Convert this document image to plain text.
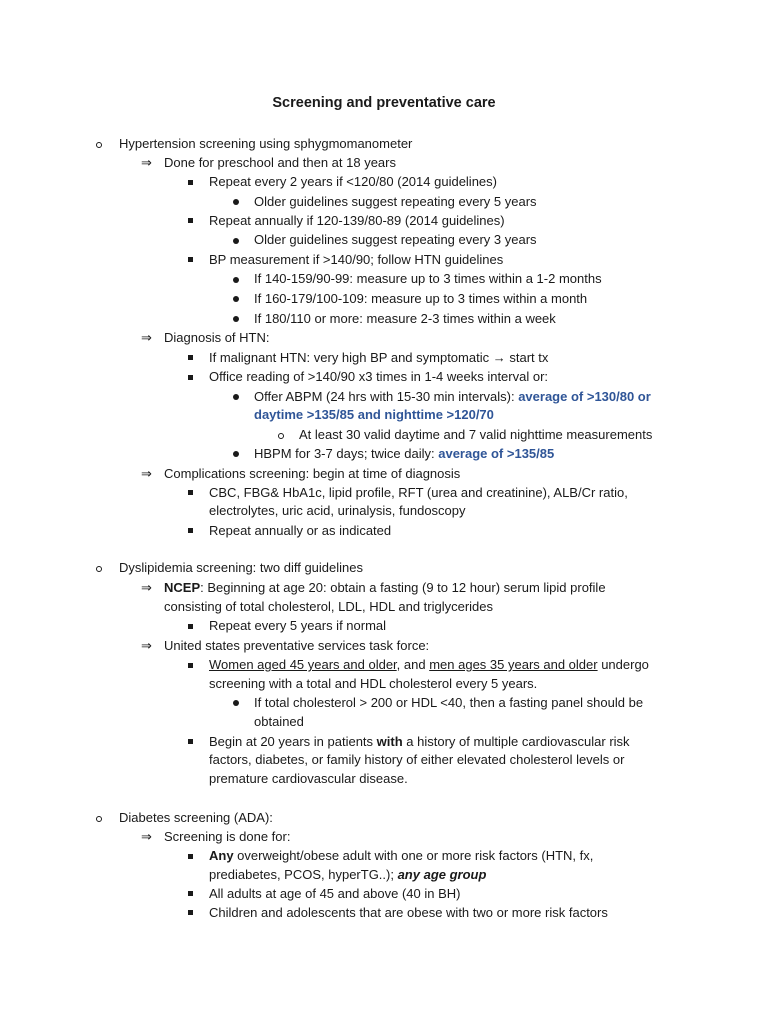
Screening and preventative care
Hypertension screening using sphygmomanometer
⇒ Done for preschool and then at 18 years
Repeat every 2 years if <120/80 (2014 guidelines)
Older guidelines suggest repeating every 5 years
Repeat annually if 120-139/80-89 (2014 guidelines)
Older guidelines suggest repeating every 3 years
BP measurement if >140/90; follow HTN guidelines
If 140-159/90-99: measure up to 3 times within a 1-2 months
If 160-179/100-109: measure up to 3 times within a month
If 180/110 or more: measure 2-3 times within a week
⇒ Diagnosis of HTN:
If malignant HTN: very high BP and symptomatic → start tx
Office reading of >140/90 x3 times in 1-4 weeks interval or:
Offer ABPM (24 hrs with 15-30 min intervals): average of >130/80 or
daytime >135/85 and nighttime >120/70
At least 30 valid daytime and 7 valid nighttime measurements
HBPM for 3-7 days; twice daily: average of >135/85
⇒ Complications screening: begin at time of diagnosis
CBC, FBG& HbA1c, lipid profile, RFT (urea and creatinine), ALB/Cr ratio,
electrolytes, uric acid, urinalysis, fundoscopy
Repeat annually or as indicated
Dyslipidemia screening: two diff guidelines
⇒ NCEP: Beginning at age 20: obtain a fasting (9 to 12 hour) serum lipid profile
consisting of total cholesterol, LDL, HDL and triglycerides
Repeat every 5 years if normal
⇒ United states preventative services task force:
Women aged 45 years and older, and men ages 35 years and older undergo
screening with a total and HDL cholesterol every 5 years.
If total cholesterol > 200 or HDL <40, then a fasting panel should be
obtained
Begin at 20 years in patients with a history of multiple cardiovascular risk
factors, diabetes, or family history of either elevated cholesterol levels or
premature cardiovascular disease.
Diabetes screening (ADA):
⇒ Screening is done for:
Any overweight/obese adult with one or more risk factors (HTN, fx,
prediabetes, PCOS, hyperTG..); any age group
All adults at age of 45 and above (40 in BH)
Children and adolescents that are obese with two or more risk factors
